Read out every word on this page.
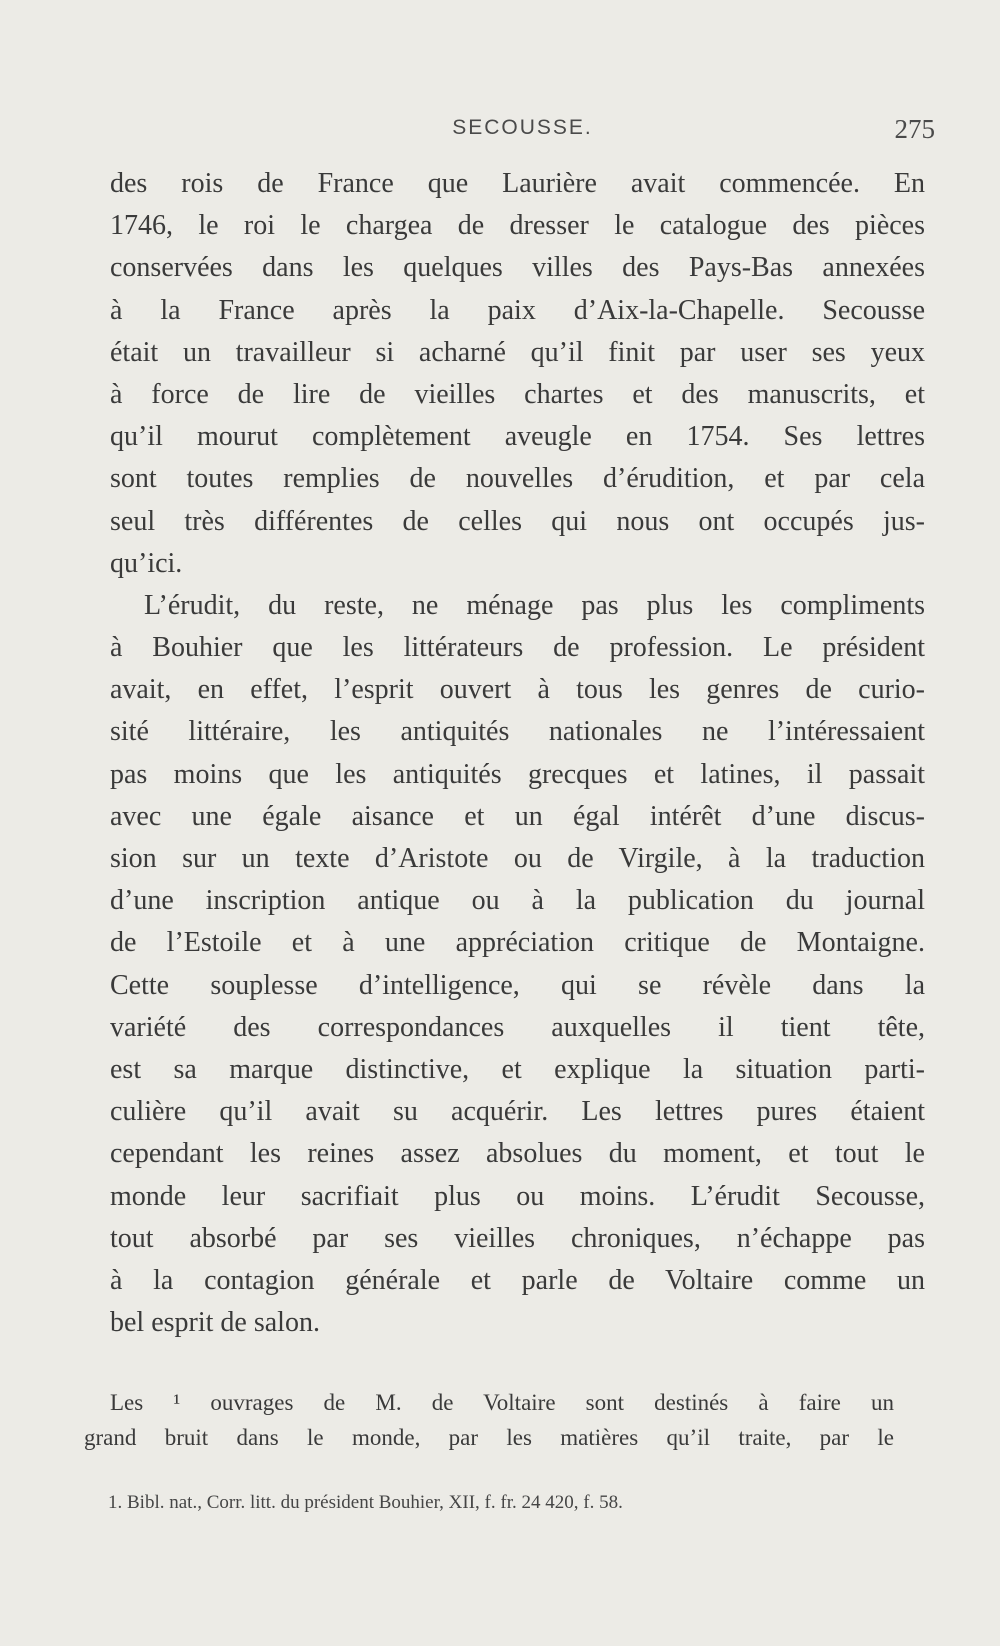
SECOUSSE.	275
des rois de France que Laurière avait commencée. En
1746, le roi le chargea de dresser le catalogue des pièces
conservées dans les quelques villes des Pays-Bas annexées
à la France après la paix d’Aix-la-Chapelle. Secousse
était un travailleur si acharné qu’il finit par user ses yeux
à force de lire de vieilles chartes et des manuscrits, et
qu’il mourut complètement aveugle en 1754. Ses lettres
sont toutes remplies de nouvelles d’érudition, et par cela
seul très différentes de celles qui nous ont occupés jus-
qu’ici.
L’érudit, du reste, ne ménage pas plus les compliments
à Bouhier que les littérateurs de profession. Le président
avait, en effet, l’esprit ouvert à tous les genres de curio-
sité littéraire, les antiquités nationales ne l’intéressaient
pas moins que les antiquités grecques et latines, il passait
avec une égale aisance et un égal intérêt d’une discus-
sion sur un texte d’Aristote ou de Virgile, à la traduction
d’une inscription antique ou à la publication du journal
de l’Estoile et à une appréciation critique de Montaigne.
Cette souplesse d’intelligence, qui se révèle dans la
variété des correspondances auxquelles il tient tête,
est sa marque distinctive, et explique la situation parti-
culière qu’il avait su acquérir. Les lettres pures étaient
cependant les reines assez absolues du moment, et tout le
monde leur sacrifiait plus ou moins. L’érudit Secousse,
tout absorbé par ses vieilles chroniques, n’échappe pas
à la contagion générale et parle de Voltaire comme un
bel esprit de salon.
Les ¹ ouvrages de M. de Voltaire sont destinés à faire un
grand bruit dans le monde, par les matières qu’il traite, par le
1. Bibl. nat., Corr. litt. du président Bouhier, XII, f. fr. 24 420, f. 58.
